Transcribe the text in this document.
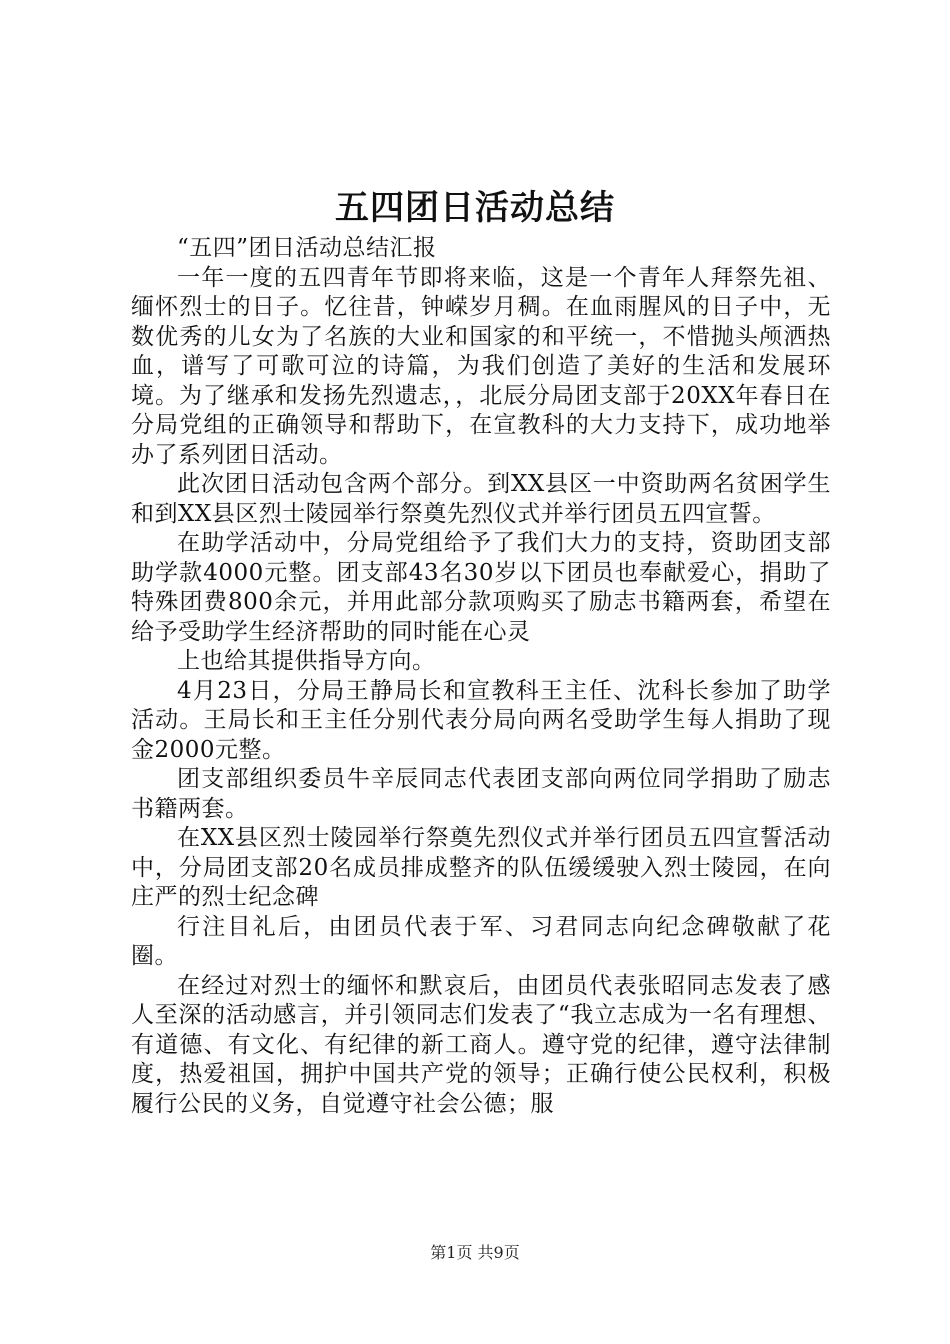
五四团日活动总结

“五四”团日活动总结汇报

一年一度的五四青年节即将来临，这是一个青年人拜祭先祖、缅怀烈士的日子。忆往昔，钟嵘岁月稠。在血雨腥风的日子中，无数优秀的儿女为了名族的大业和国家的和平统一，不惜抛头颅洒热血，谱写了可歌可泣的诗篇，为我们创造了美好的生活和发展环境。为了继承和发扬先烈遗志，，北辰分局团支部于20XX年春日在分局党组的正确领导和帮助下，在宣教科的大力支持下，成功地举办了系列团日活动。

此次团日活动包含两个部分。到XX县区一中资助两名贫困学生和到XX县区烈士陵园举行祭奠先烈仪式并举行团员五四宣誓。

在助学活动中，分局党组给予了我们大力的支持，资助团支部助学款4000元整。团支部43名30岁以下团员也奉献爱心，捐助了特殊团费800余元，并用此部分款项购买了励志书籍两套，希望在给予受助学生经济帮助的同时能在心灵

上也给其提供指导方向。

4月23日，分局王静局长和宣教科王主任、沈科长参加了助学活动。王局长和王主任分别代表分局向两名受助学生每人捐助了现金2000元整。

团支部组织委员牛辛辰同志代表团支部向两位同学捐助了励志书籍两套。

在XX县区烈士陵园举行祭奠先烈仪式并举行团员五四宣誓活动中，分局团支部20名成员排成整齐的队伍缓缓驶入烈士陵园，在向庄严的烈士纪念碑

行注目礼后，由团员代表于军、习君同志向纪念碑敬献了花圈。

在经过对烈士的缅怀和默哀后，由团员代表张昭同志发表了感人至深的活动感言，并引领同志们发表了“我立志成为一名有理想、有道德、有文化、有纪律的新工商人。遵守党的纪律，遵守法律制度，热爱祖国，拥护中国共产党的领导；正确行使公民权利，积极履行公民的义务，自觉遵守社会公德；服

第1页 共9页
